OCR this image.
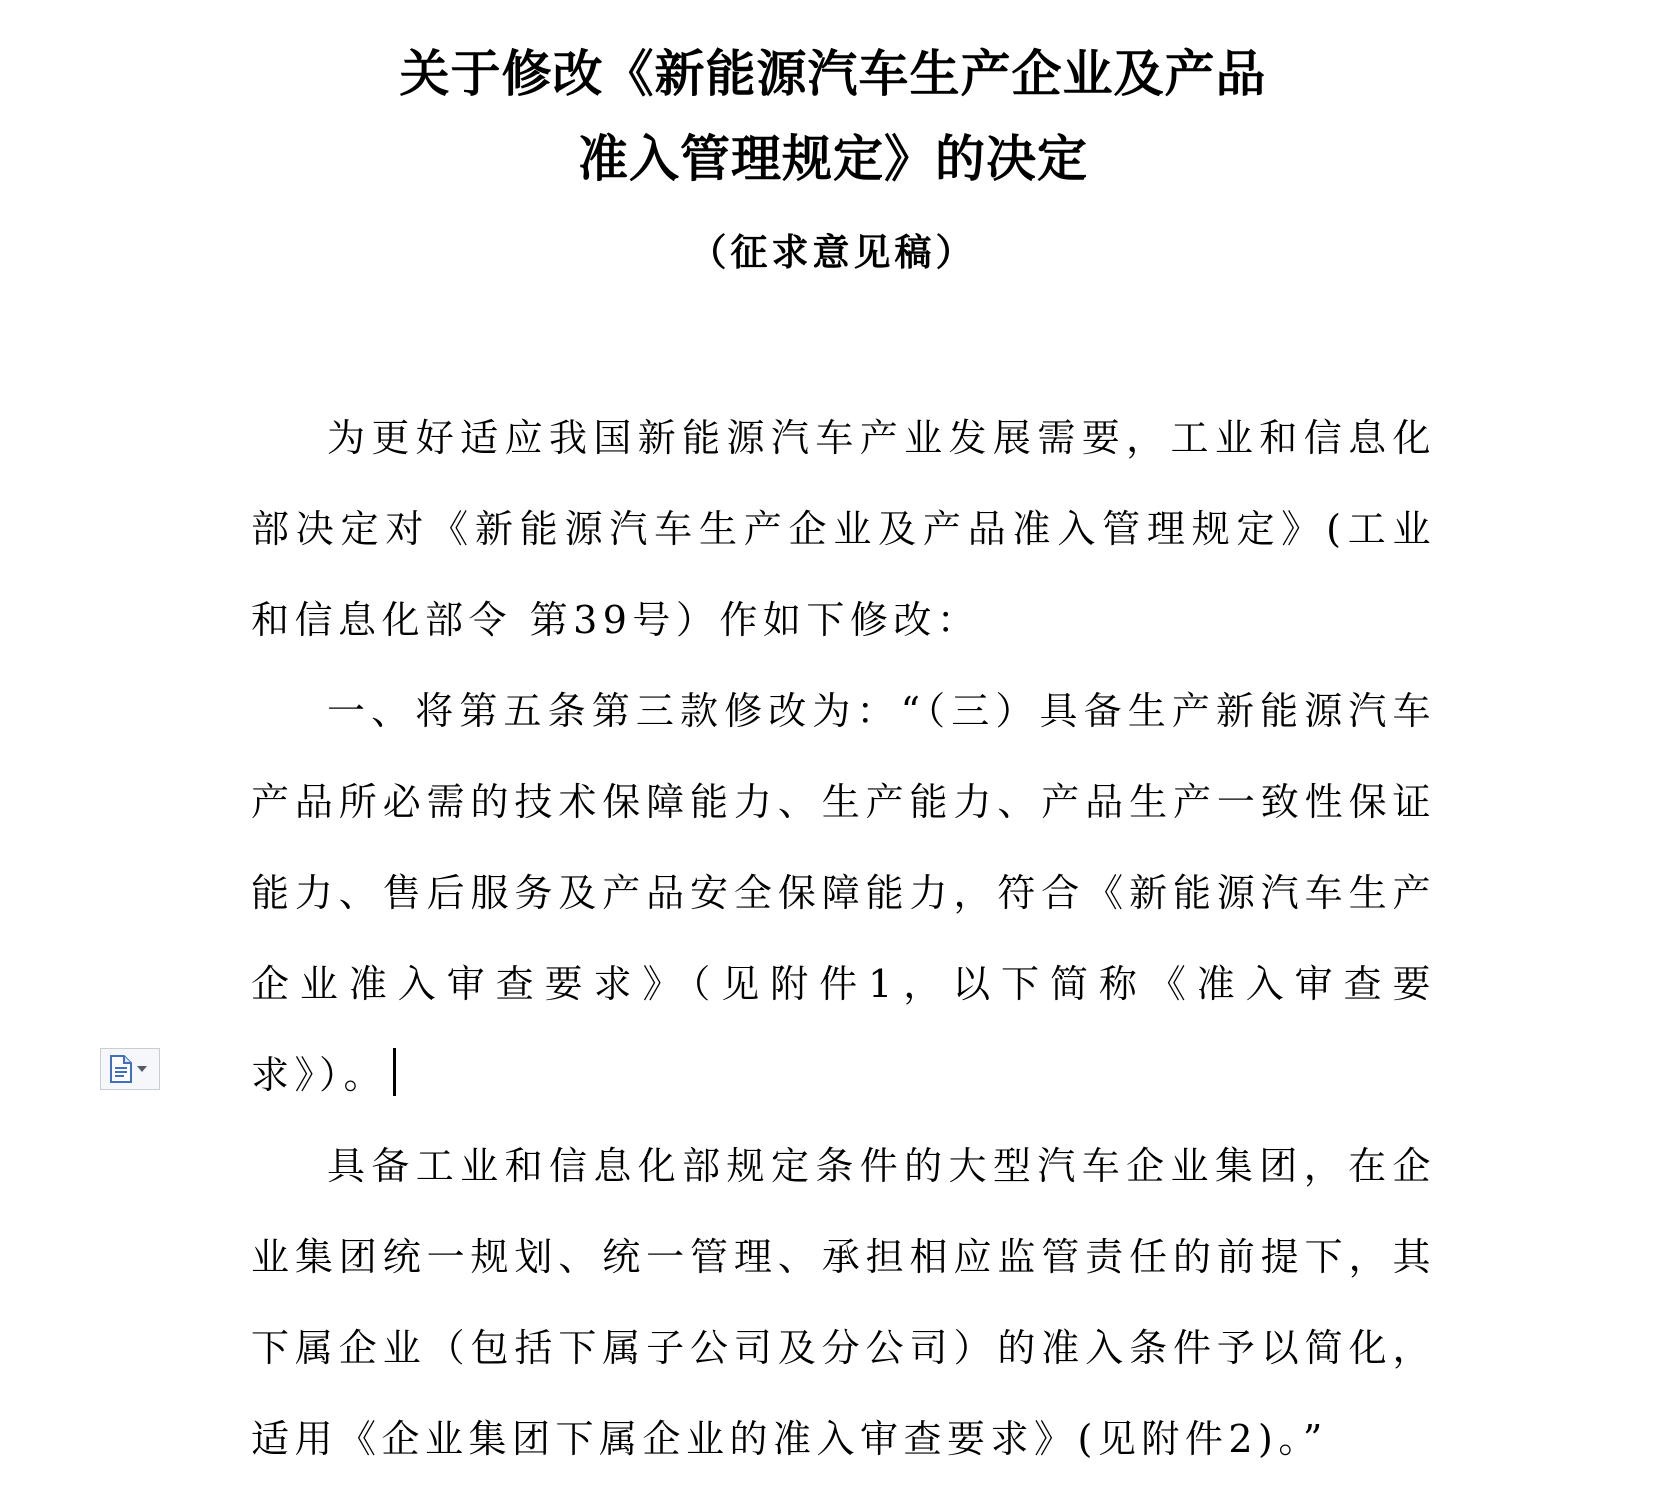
关于修改《新能源汽车生产企业及产品
准入管理规定》的决定
（征求意见稿）

为更好适应我国新能源汽车产业发展需要，工业和信息化部决定对《新能源汽车生产企业及产品准入管理规定》(工业和信息化部令 第39号）作如下修改：

一、将第五条第三款修改为：“（三）具备生产新能源汽车产品所必需的技术保障能力、生产能力、产品生产一致性保证能力、售后服务及产品安全保障能力，符合《新能源汽车生产企业准入审查要求》（见附件1，以下简称《准入审查要求》）。

具备工业和信息化部规定条件的大型汽车企业集团，在企业集团统一规划、统一管理、承担相应监管责任的前提下，其下属企业（包括下属子公司及分公司）的准入条件予以简化，适用《企业集团下属企业的准入审查要求》(见附件2)。”
